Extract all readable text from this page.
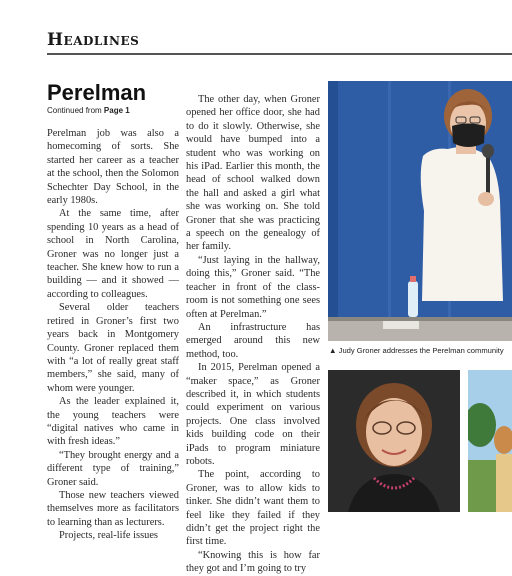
Headlines
Perelman
Continued from Page 1

Perelman job was also a homecoming of sorts. She started her career as a teacher at the school, then the Solomon Schechter Day School, in the early 1980s.

At the same time, after spending 10 years as a head of school in North Carolina, Groner was no longer just a teacher. She knew how to run a building — and it showed — according to colleagues.

Several older teachers retired in Groner’s first two years back in Montgomery County. Groner replaced them with “a lot of really great staff members,” she said, many of whom were younger.

As the leader explained it, the young teachers were “digital natives who came in with fresh ideas.”

“They brought energy and a different type of training,” Groner said.

Those new teachers viewed themselves more as facilitators to learning than as lecturers.

Projects, real-life issues

The other day, when Groner opened her office door, she had to do it slowly. Otherwise, she would have bumped into a student who was working on his iPad. Earlier this month, the head of school walked down the hall and asked a girl what she was working on. She told Groner that she was practicing a speech on the genealogy of her family.

“Just laying in the hallway, doing this,” Groner said. “The teacher in front of the class-room is not something one sees often at Perelman.”

An infrastructure has emerged around this new method, too.

In 2015, Perelman opened a “maker space,” as Groner described it, in which students could experiment on various projects. One class involved kids building code on their iPads to program miniature robots.

The point, according to Groner, was to allow kids to tinker. She didn’t want them to feel like they failed if they didn’t get the project right the first time.

“Knowing this is how far they got and I’m going to try

▲ Judy Groner addresses the Perelman community
